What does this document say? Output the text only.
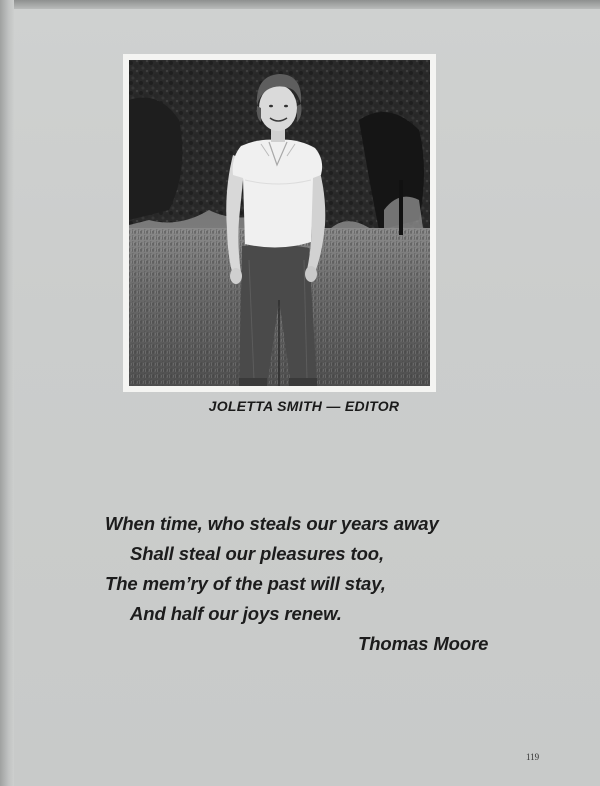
JOLETTA SMITH — EDITOR
When time, who steals our years away
Shall steal our pleasures too,
The mem’ry of the past will stay,
And half our joys renew.
Thomas Moore
119
